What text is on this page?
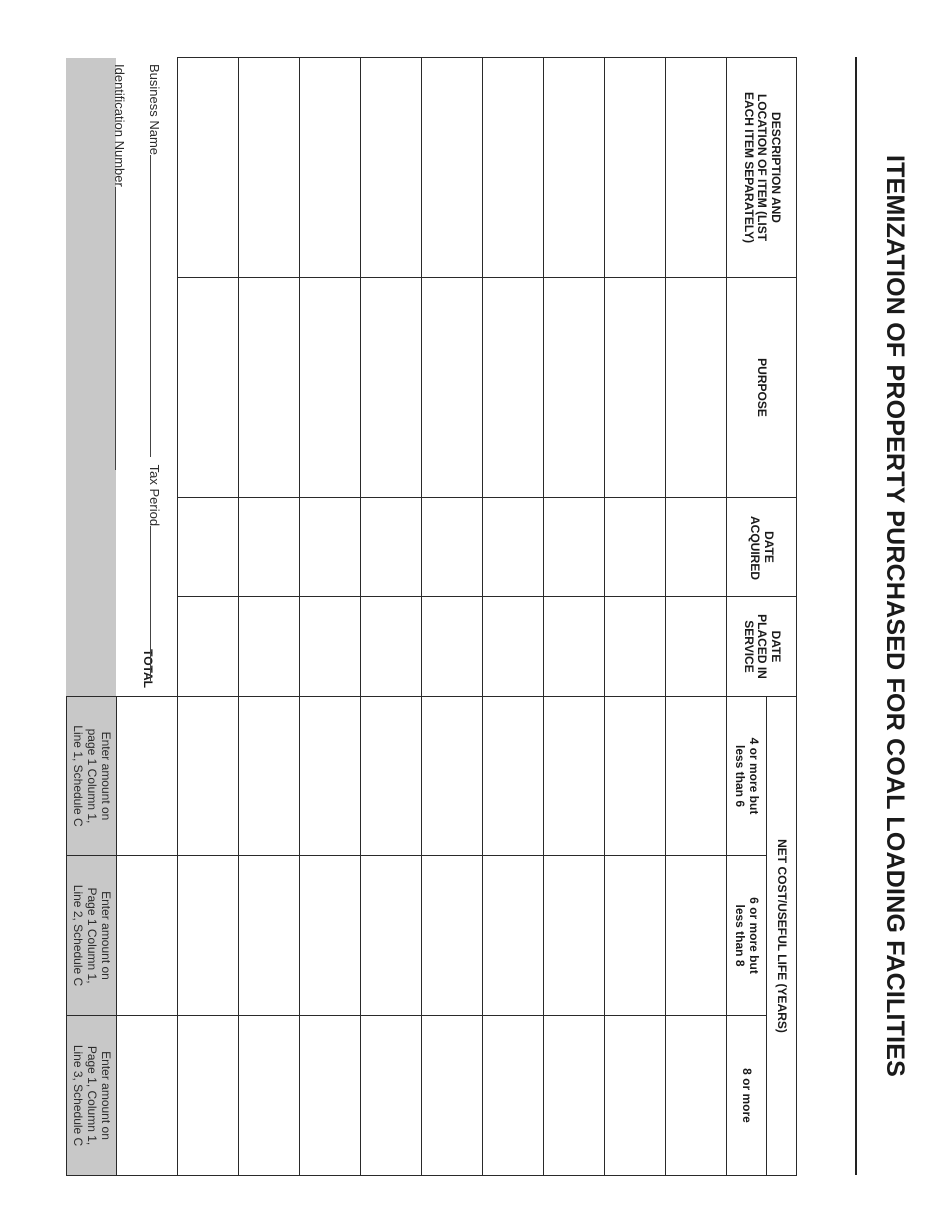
ITEMIZATION OF PROPERTY PURCHASED FOR COAL LOADING FACILITIES
DESCRIPTION AND LOCATION OF ITEM (LIST EACH ITEM SEPARATELY)	PURPOSE	DATE ACQUIRED	DATE PLACED IN SERVICE	NET COST/USEFUL LIFE (YEARS)		
				4 or more but less than 6	6 or more but less than 8	8 or more

TOTAL						
				Enter amount on page 1 Column 1, Line 1, Schedule C	Enter amount on Page 1 Column 1, Line 2, Schedule C	Enter amount on Page 1, Column 1, Line 3, Schedule C
Business Name Tax Period
Identification Number
